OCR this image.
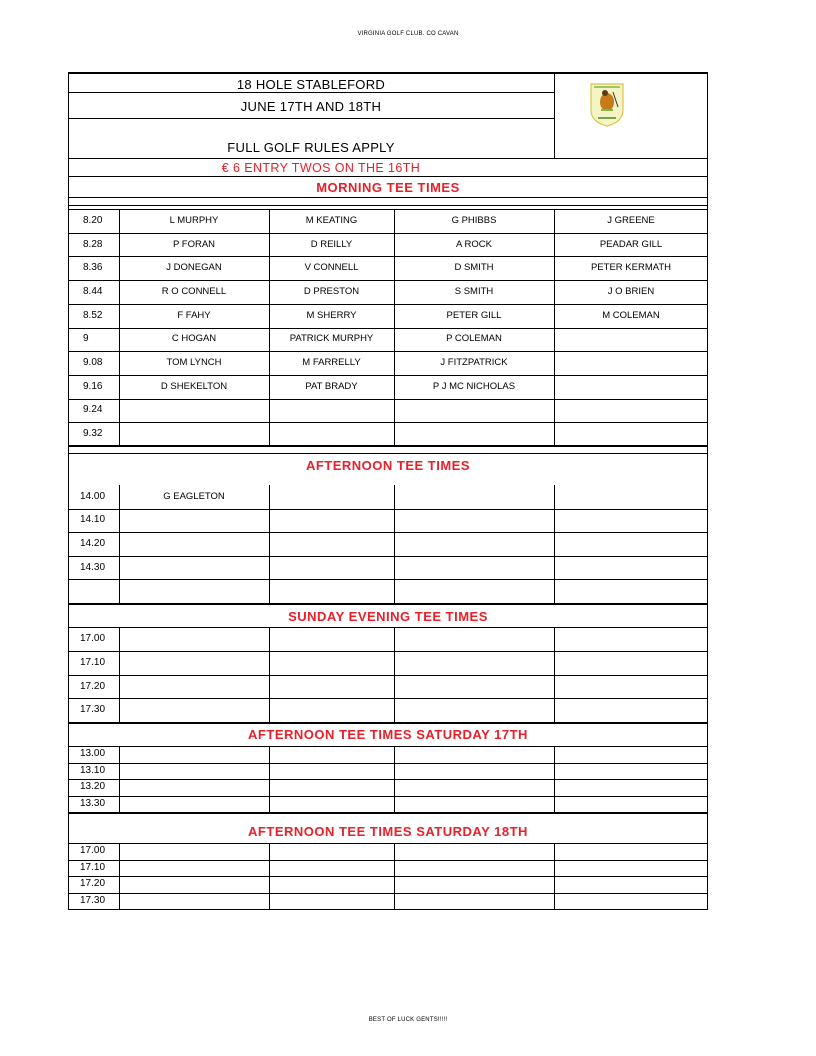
VIRGINIA GOLF CLUB. CO CAVAN
BEST OF LUCK GENTS!!!!!
18 HOLE STABLEFORD
JUNE 17TH AND 18TH
FULL GOLF RULES APPLY
€ 6 ENTRY TWOS ON THE 16TH
MORNING TEE TIMES
8.20	L MURPHY	M KEATING	G PHIBBS	J GREENE
8.28	P FORAN	D REILLY	A ROCK	PEADAR GILL
8.36	J DONEGAN	V CONNELL	D SMITH	PETER KERMATH
8.44	R O CONNELL	D PRESTON	S SMITH	J O BRIEN
8.52	F FAHY	M SHERRY	PETER GILL	M COLEMAN
9	C HOGAN	PATRICK MURPHY	P COLEMAN
9.08	TOM LYNCH	M FARRELLY	J FITZPATRICK
9.16	D SHEKELTON	PAT BRADY	P J MC NICHOLAS
9.24
9.32
AFTERNOON TEE TIMES
14.00	G EAGLETON
14.10
14.20
14.30
SUNDAY EVENING TEE TIMES
17.00
17.10
17.20
17.30
AFTERNOON TEE TIMES SATURDAY 17TH
13.00
13.10
13.20
13.30
AFTERNOON TEE TIMES SATURDAY 18TH
17.00
17.10
17.20
17.30
